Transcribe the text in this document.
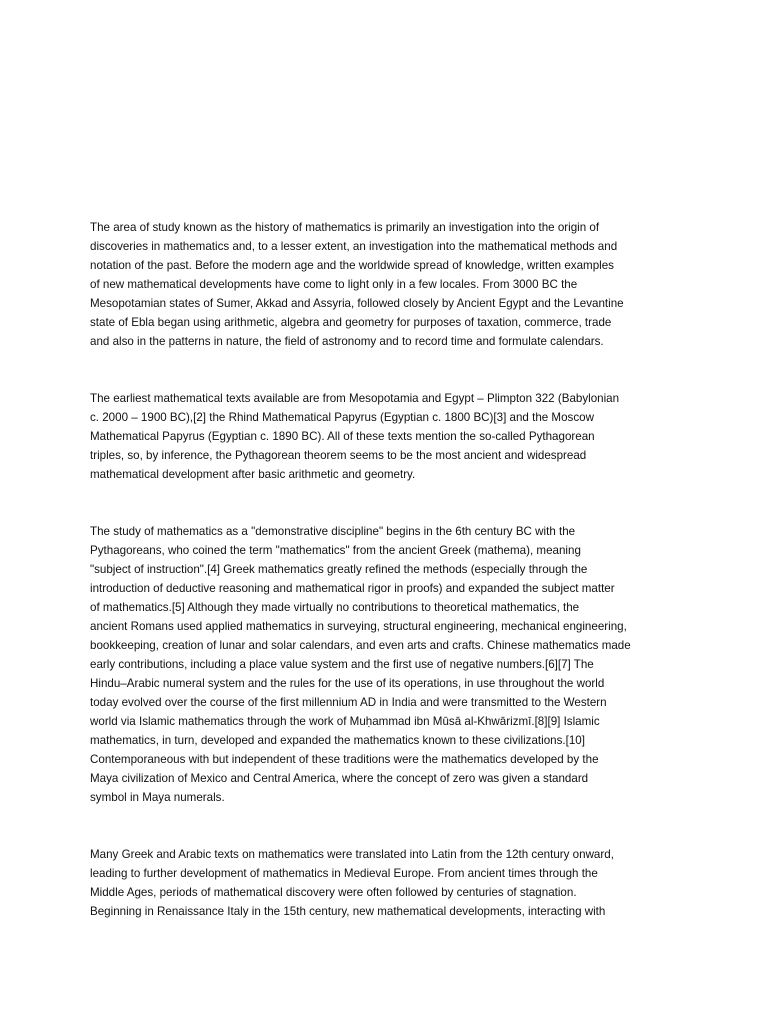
The area of study known as the history of mathematics is primarily an investigation into the origin of
discoveries in mathematics and, to a lesser extent, an investigation into the mathematical methods and
notation of the past. Before the modern age and the worldwide spread of knowledge, written examples
of new mathematical developments have come to light only in a few locales. From 3000 BC the
Mesopotamian states of Sumer, Akkad and Assyria, followed closely by Ancient Egypt and the Levantine
state of Ebla began using arithmetic, algebra and geometry for purposes of taxation, commerce, trade
and also in the patterns in nature, the field of astronomy and to record time and formulate calendars.
The earliest mathematical texts available are from Mesopotamia and Egypt – Plimpton 322 (Babylonian
c. 2000 – 1900 BC),[2] the Rhind Mathematical Papyrus (Egyptian c. 1800 BC)[3] and the Moscow
Mathematical Papyrus (Egyptian c. 1890 BC). All of these texts mention the so-called Pythagorean
triples, so, by inference, the Pythagorean theorem seems to be the most ancient and widespread
mathematical development after basic arithmetic and geometry.
The study of mathematics as a "demonstrative discipline" begins in the 6th century BC with the
Pythagoreans, who coined the term "mathematics" from the ancient Greek (mathema), meaning
"subject of instruction".[4] Greek mathematics greatly refined the methods (especially through the
introduction of deductive reasoning and mathematical rigor in proofs) and expanded the subject matter
of mathematics.[5] Although they made virtually no contributions to theoretical mathematics, the
ancient Romans used applied mathematics in surveying, structural engineering, mechanical engineering,
bookkeeping, creation of lunar and solar calendars, and even arts and crafts. Chinese mathematics made
early contributions, including a place value system and the first use of negative numbers.[6][7] The
Hindu–Arabic numeral system and the rules for the use of its operations, in use throughout the world
today evolved over the course of the first millennium AD in India and were transmitted to the Western
world via Islamic mathematics through the work of Muḥammad ibn Mūsā al-Khwārizmī.[8][9] Islamic
mathematics, in turn, developed and expanded the mathematics known to these civilizations.[10]
Contemporaneous with but independent of these traditions were the mathematics developed by the
Maya civilization of Mexico and Central America, where the concept of zero was given a standard
symbol in Maya numerals.
Many Greek and Arabic texts on mathematics were translated into Latin from the 12th century onward,
leading to further development of mathematics in Medieval Europe. From ancient times through the
Middle Ages, periods of mathematical discovery were often followed by centuries of stagnation.
Beginning in Renaissance Italy in the 15th century, new mathematical developments, interacting with
